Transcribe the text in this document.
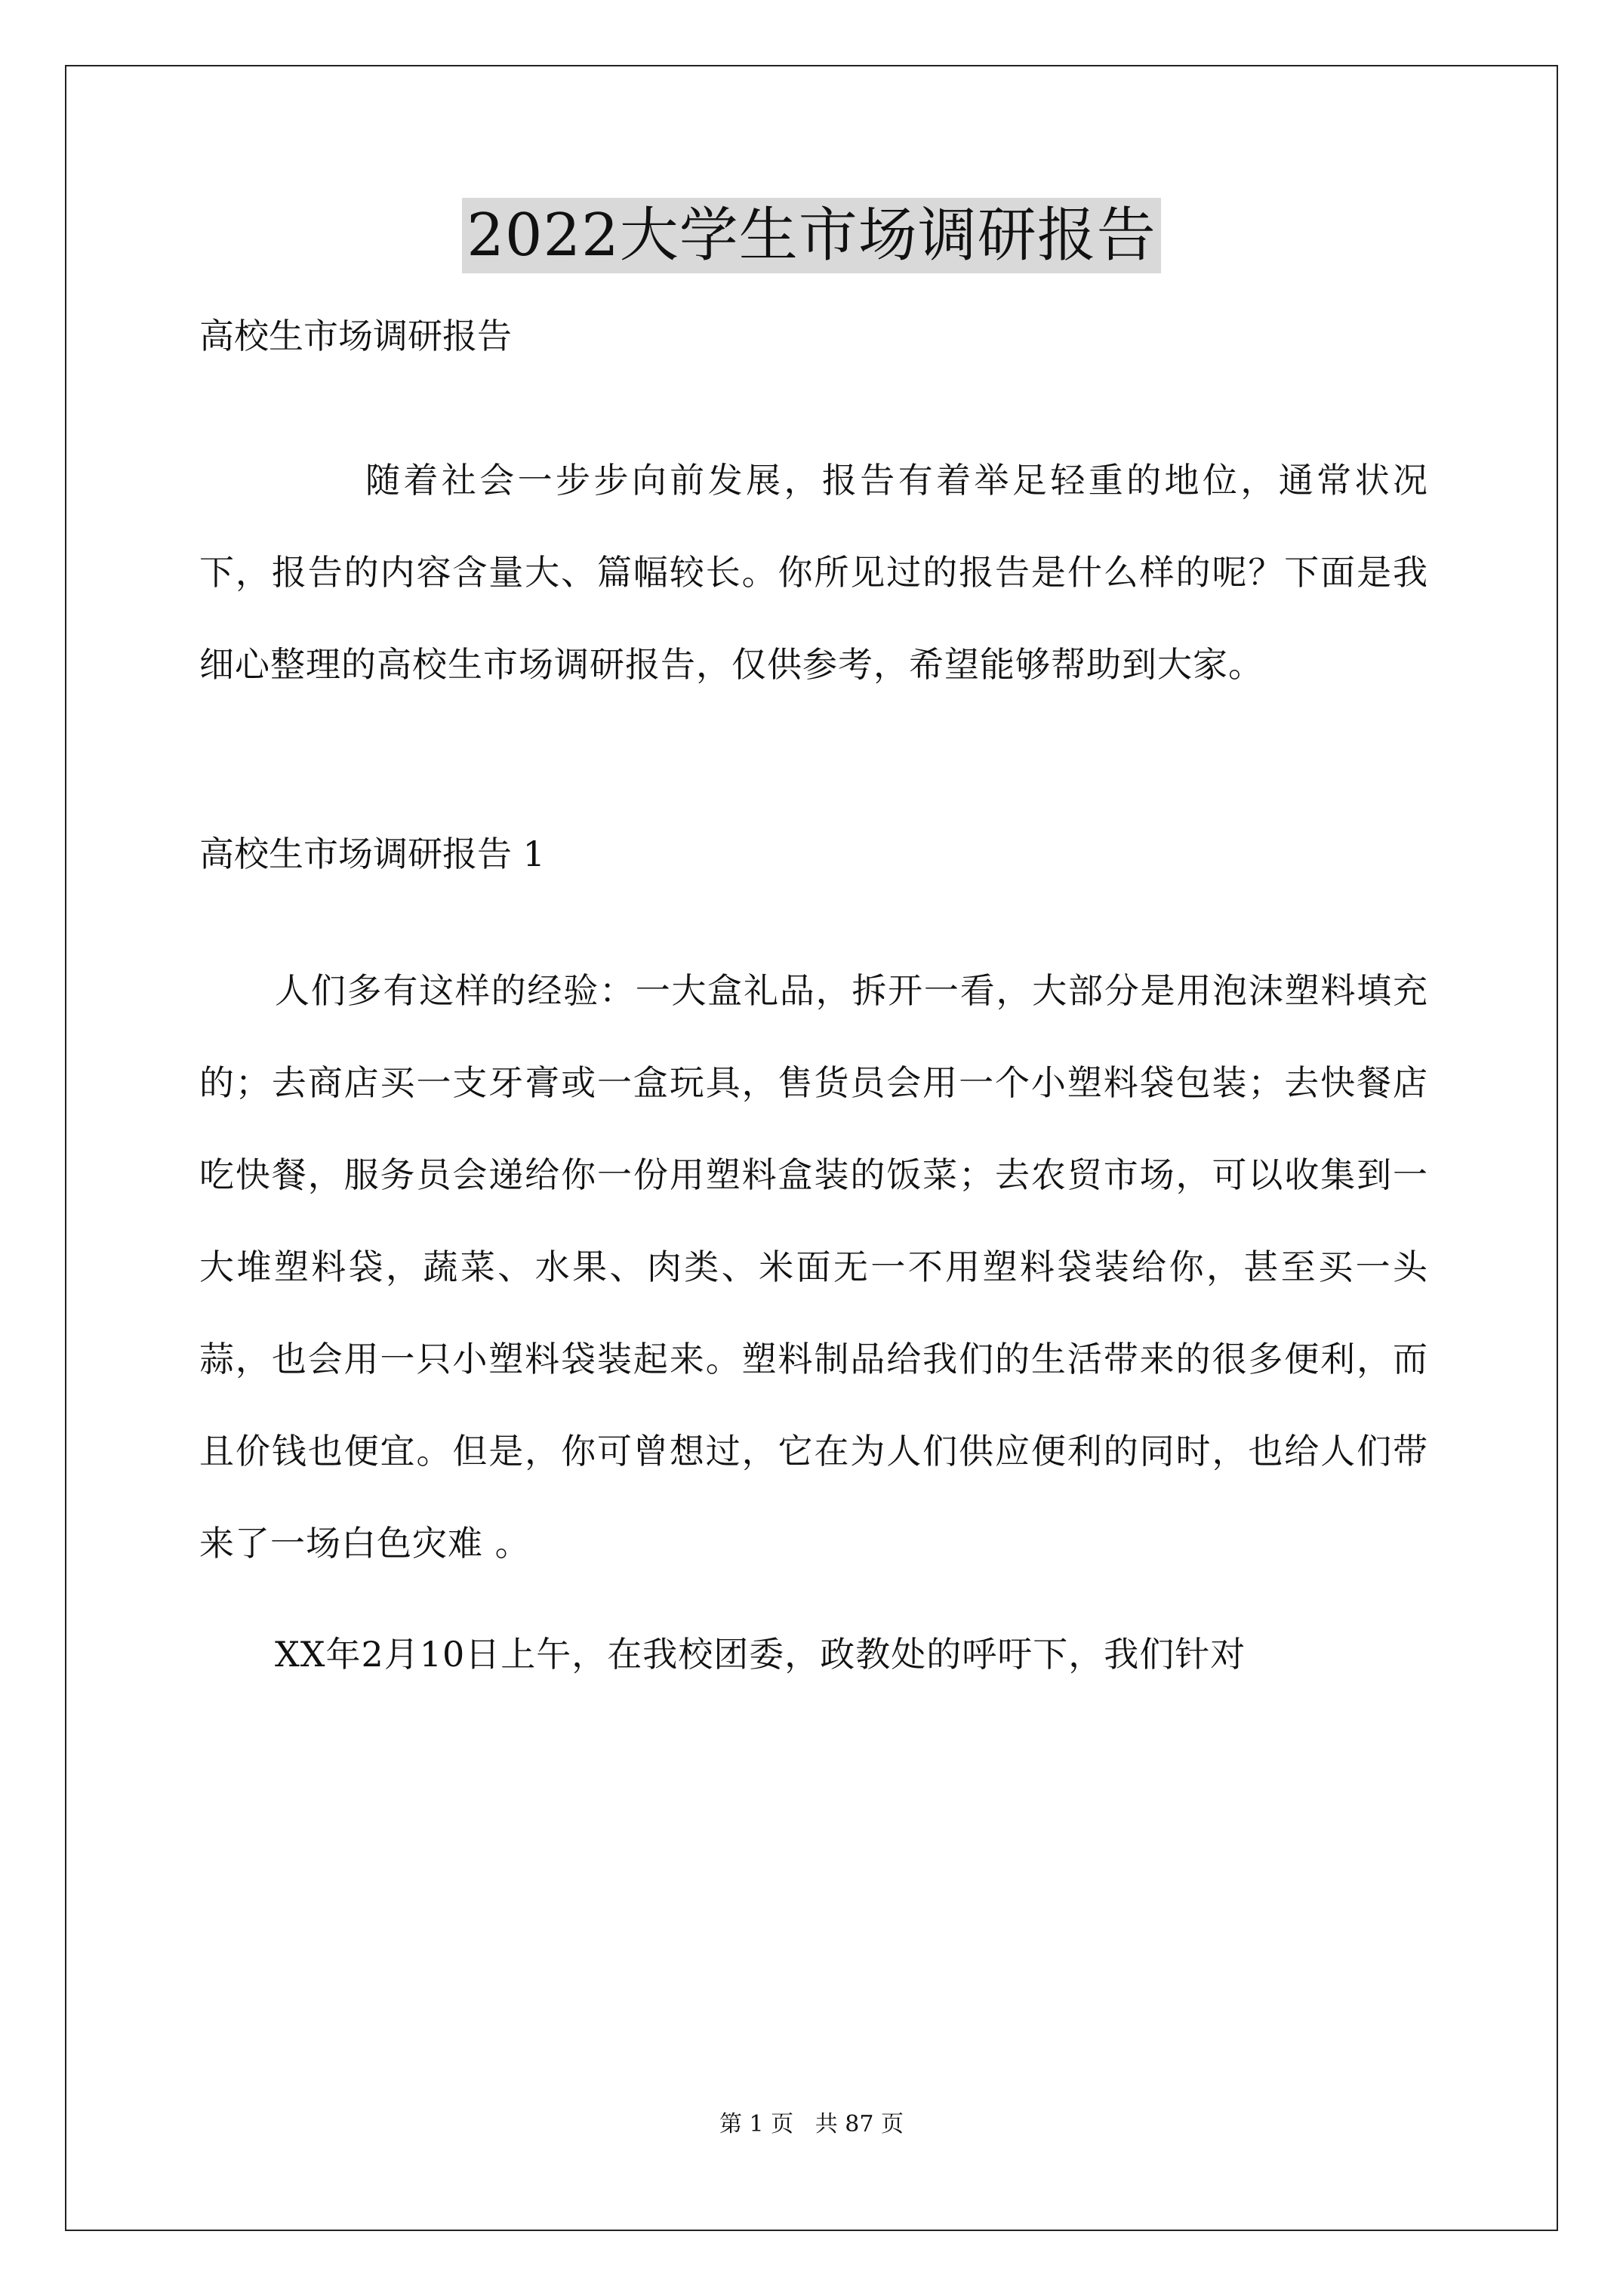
2022大学生市场调研报告

高校生市场调研报告

随着社会一步步向前发展，报告有着举足轻重的地位，通常状况下，报告的内容含量大、篇幅较长。你所见过的报告是什么样的呢？下面是我细心整理的高校生市场调研报告，仅供参考，希望能够帮助到大家。

高校生市场调研报告 1

人们多有这样的经验：一大盒礼品，拆开一看，大部分是用泡沫塑料填充的；去商店买一支牙膏或一盒玩具，售货员会用一个小塑料袋包装；去快餐店吃快餐，服务员会递给你一份用塑料盒装的饭菜；去农贸市场，可以收集到一大堆塑料袋，蔬菜、水果、肉类、米面无一不用塑料袋装给你，甚至买一头蒜，也会用一只小塑料袋装起来。塑料制品给我们的生活带来的很多便利，而且价钱也便宜。但是，你可曾想过，它在为人们供应便利的同时，也给人们带来了一场白色灾难 。

XX年2月10日上午，在我校团委，政教处的呼吁下，我们针对

第 1 页   共 87 页
